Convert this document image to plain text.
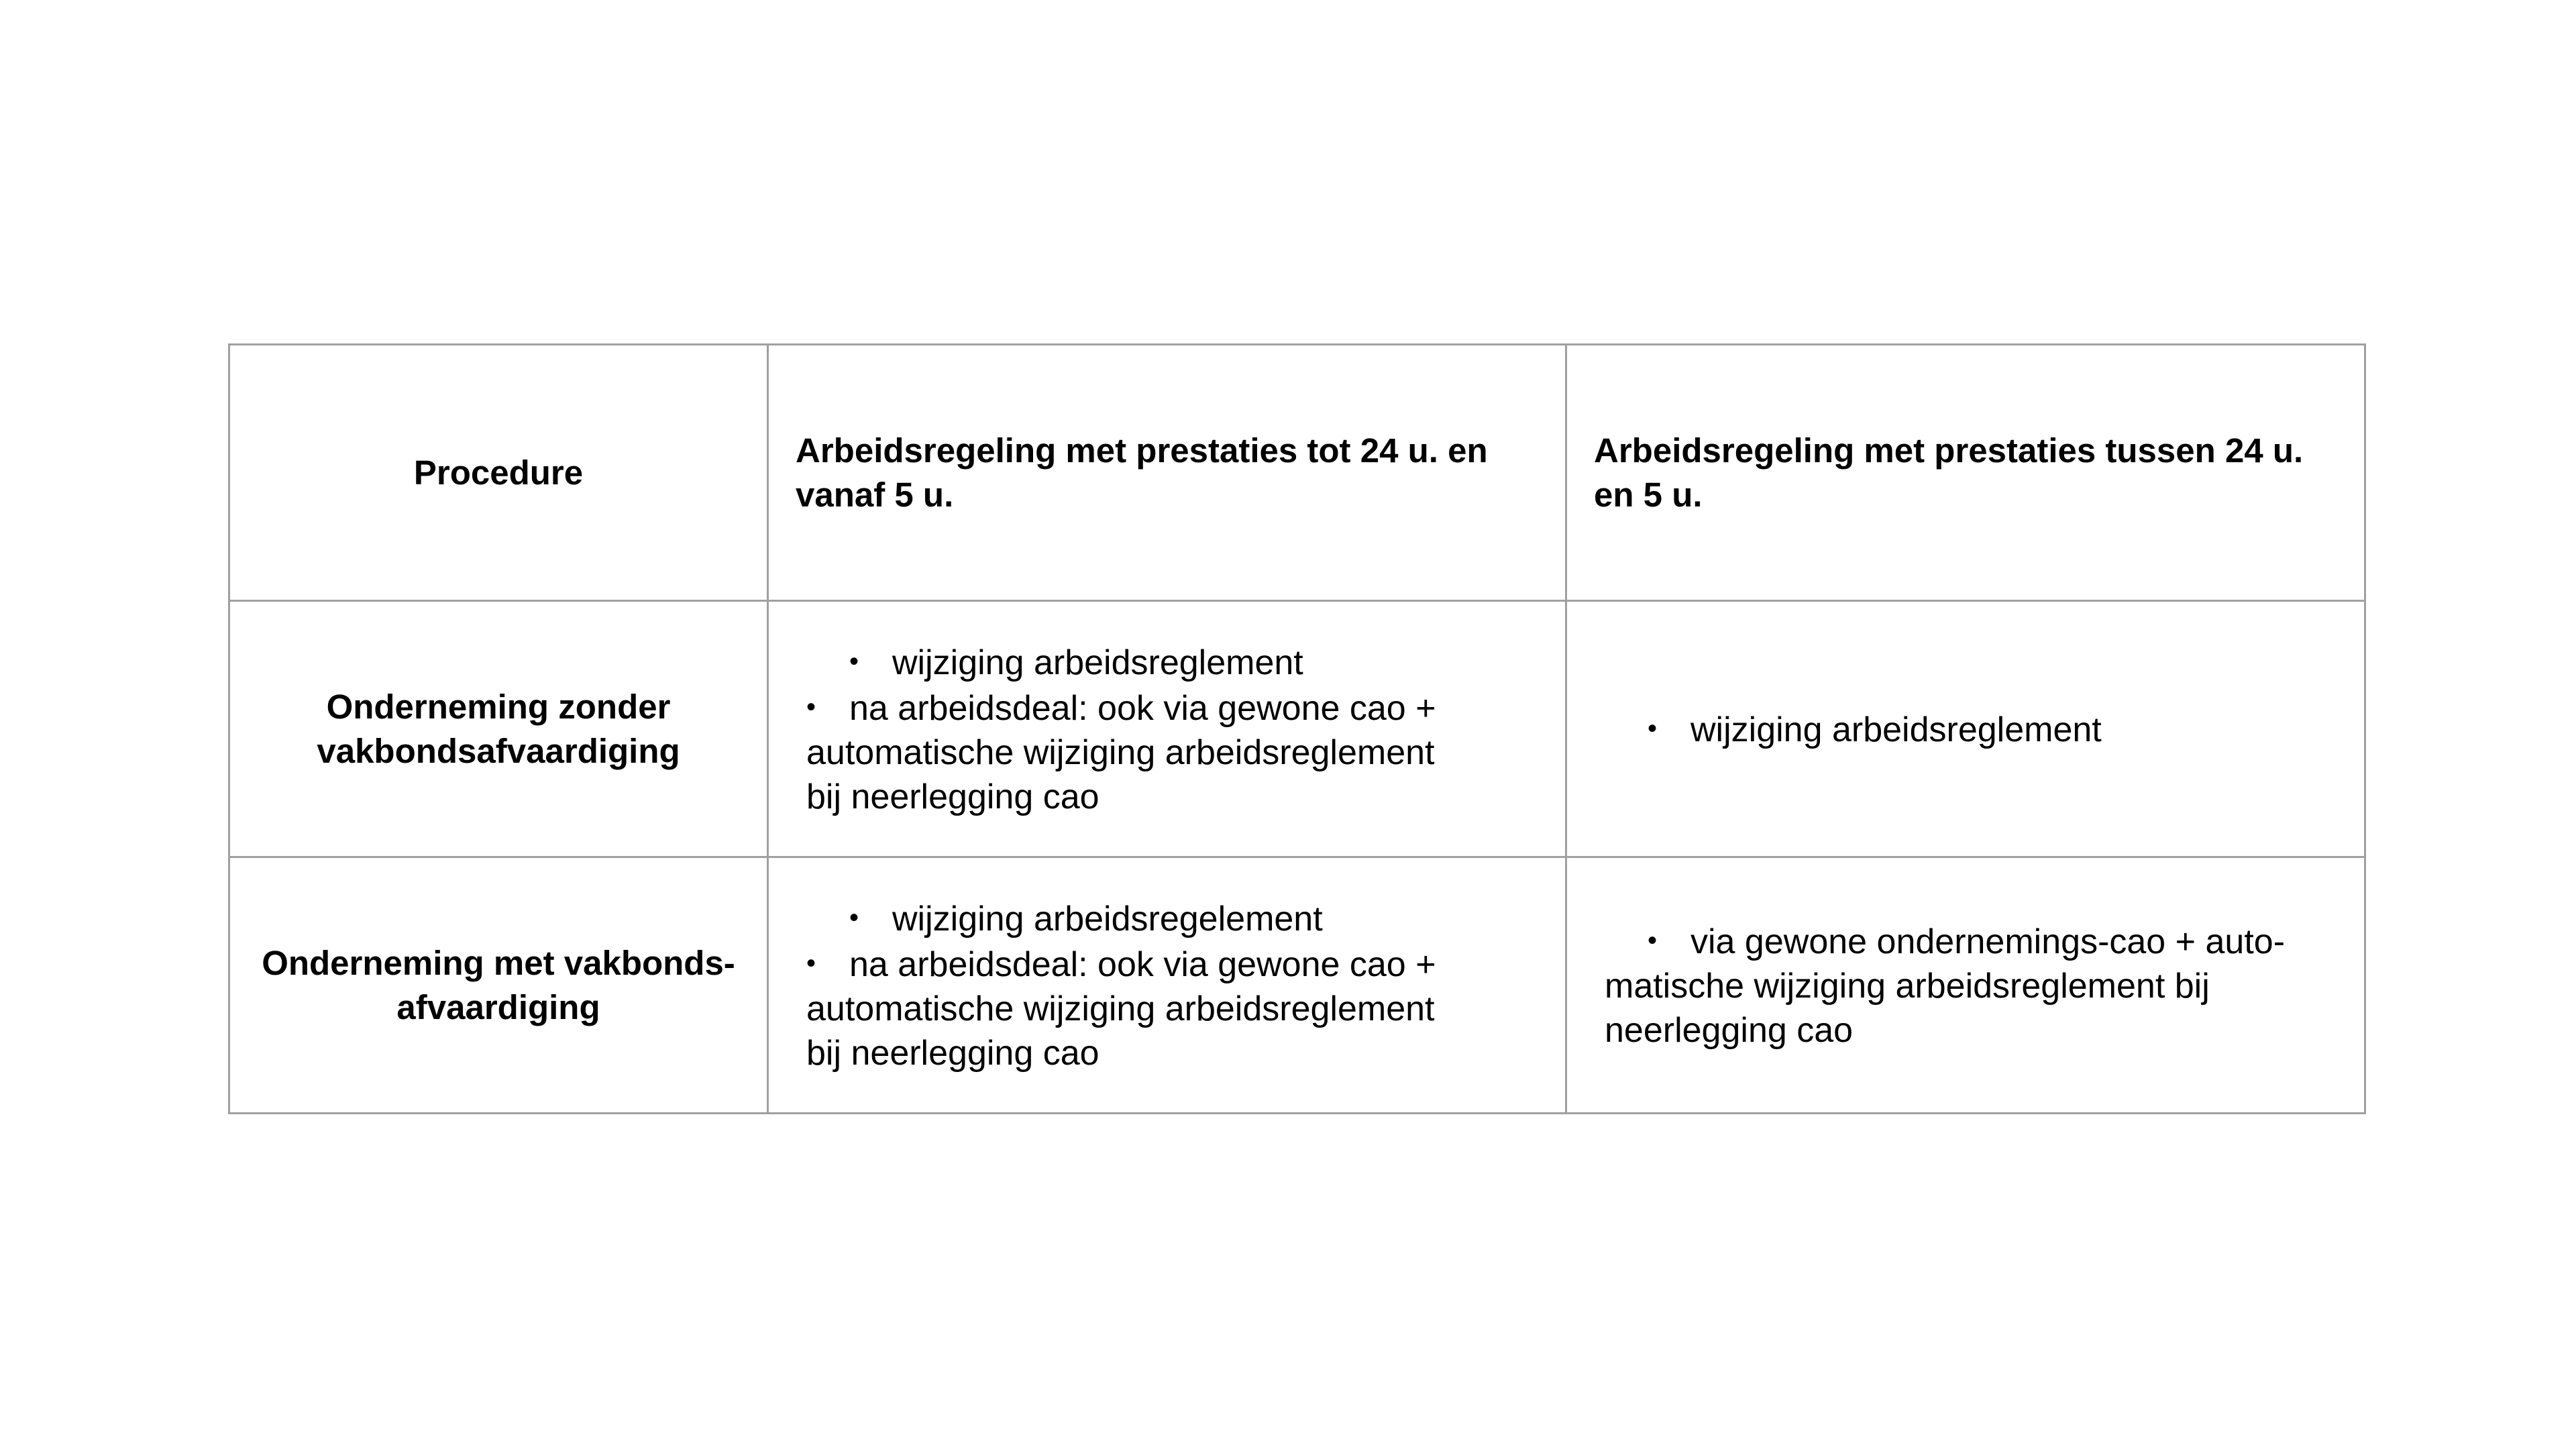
Procedure	Arbeidsregeling met prestaties tot 24 u. en vanaf 5 u.	Arbeidsregeling met prestaties tussen 24 u. en 5 u.
Onderneming zonder vakbondsafvaardiging	• wijziging arbeidsreglement
• na arbeidsdeal: ook via gewone cao +
automatische wijziging arbeidsreglement
bij neerlegging cao	• wijziging arbeidsreglement

Onderneming met vakbonds-afvaardiging	• wijziging arbeidsregelement
• na arbeidsdeal: ook via gewone cao +
automatische wijziging arbeidsreglement
bij neerlegging cao	• via gewone ondernemings-cao + auto-
matische wijziging arbeidsreglement bij
neerlegging cao
